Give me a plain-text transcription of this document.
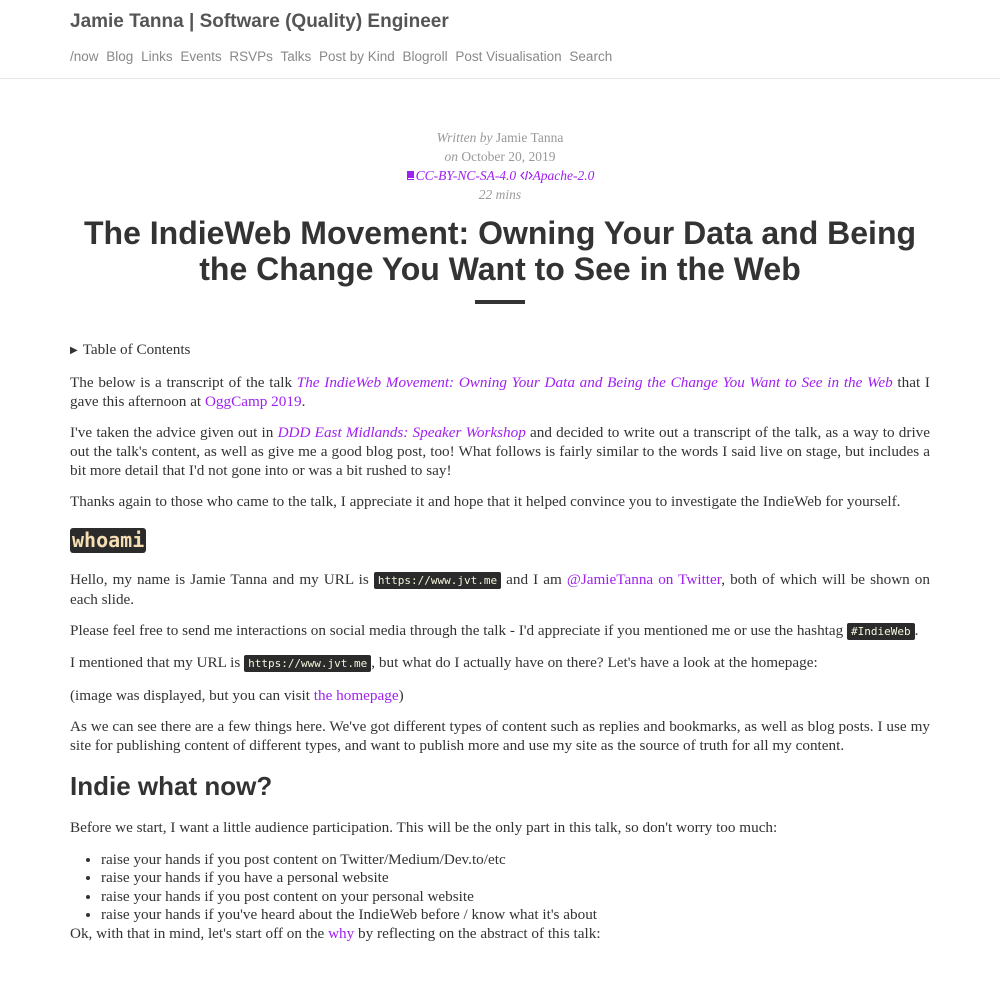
Jamie Tanna | Software (Quality) Engineer
/now Blog Links Events RSVPs Talks Post by Kind Blogroll Post Visualisation Search
Written by Jamie Tanna
on October 20, 2019
CC-BY-NC-SA-4.0 Apache-2.0
22 mins
The IndieWeb Movement: Owning Your Data and Being the Change You Want to See in the Web
▶ Table of Contents

The below is a transcript of the talk The IndieWeb Movement: Owning Your Data and Being the Change You Want to See in the Web that I gave this afternoon at OggCamp 2019.

I've taken the advice given out in DDD East Midlands: Speaker Workshop and decided to write out a transcript of the talk, as a way to drive out the talk's content, as well as give me a good blog post, too! What follows is fairly similar to the words I said live on stage, but includes a bit more detail that I'd not gone into or was a bit rushed to say!

Thanks again to those who came to the talk, I appreciate it and hope that it helped convince you to investigate the IndieWeb for yourself.

whoami

Hello, my name is Jamie Tanna and my URL is https://www.jvt.me and I am @JamieTanna on Twitter, both of which will be shown on each slide.

Please feel free to send me interactions on social media through the talk - I'd appreciate if you mentioned me or use the hashtag #IndieWeb .

I mentioned that my URL is https://www.jvt.me , but what do I actually have on there? Let's have a look at the homepage:

(image was displayed, but you can visit the homepage)

As we can see there are a few things here. We've got different types of content such as replies and bookmarks, as well as blog posts. I use my site for publishing content of different types, and want to publish more and use my site as the source of truth for all my content.

Indie what now?

Before we start, I want a little audience participation. This will be the only part in this talk, so don't worry too much:

• raise your hands if you post content on Twitter/Medium/Dev.to/etc
• raise your hands if you have a personal website
• raise your hands if you post content on your personal website
• raise your hands if you've heard about the IndieWeb before / know what it's about

Ok, with that in mind, let's start off on the why by reflecting on the abstract of this talk:
